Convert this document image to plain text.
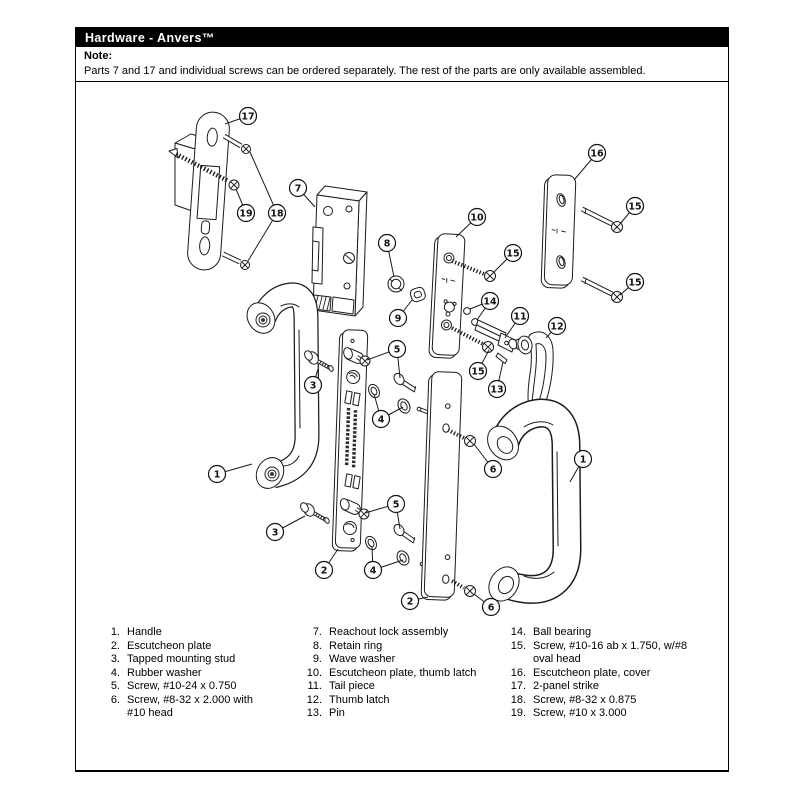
17
19 18
7
8
9
10
15
16
15
15
14
11
12
15
13
1
3
5
4
2
3
5
4
2
6
6
1
Hardware - Anvers™
Note:
Parts 7 and 17 and individual screws can be ordered separately. The rest of the parts are only available assembled.
1. Handle
2. Escutcheon plate
3. Tapped mounting stud
4. Rubber washer
5. Screw, #10-24 x 0.750
6. Screw, #8-32 x 2.000 with #10 head
7. Reachout lock assembly
8. Retain ring
9. Wave washer
10. Escutcheon plate, thumb latch
11. Tail piece
12. Thumb latch
13. Pin
14. Ball bearing
15. Screw, #10-16 ab x 1.750, w/#8 oval head
16. Escutcheon plate, cover
17. 2-panel strike
18. Screw, #8-32 x 0.875
19. Screw, #10 x 3.000
